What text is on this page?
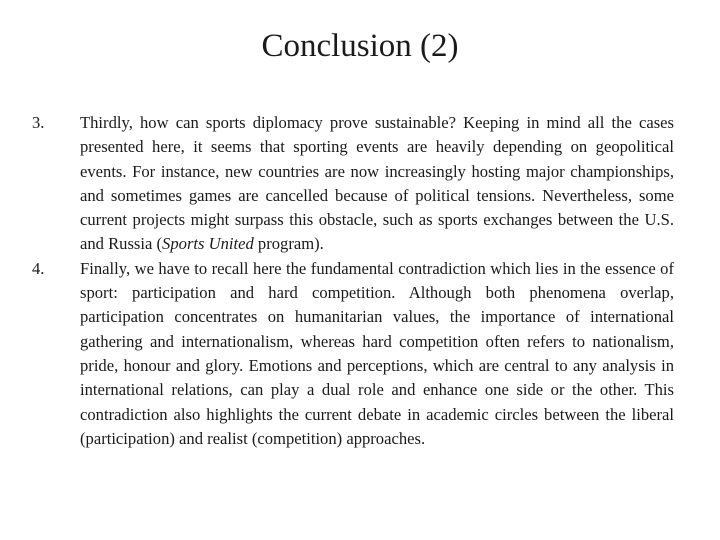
Conclusion (2)
3. Thirdly, how can sports diplomacy prove sustainable? Keeping in mind all the cases presented here, it seems that sporting events are heavily depending on geopolitical events. For instance, new countries are now increasingly hosting major championships, and sometimes games are cancelled because of political tensions. Nevertheless, some current projects might surpass this obstacle, such as sports exchanges between the U.S. and Russia (Sports United program).
4. Finally, we have to recall here the fundamental contradiction which lies in the essence of sport: participation and hard competition. Although both phenomena overlap, participation concentrates on humanitarian values, the importance of international gathering and internationalism, whereas hard competition often refers to nationalism, pride, honour and glory. Emotions and perceptions, which are central to any analysis in international relations, can play a dual role and enhance one side or the other. This contradiction also highlights the current debate in academic circles between the liberal (participation) and realist (competition) approaches.
